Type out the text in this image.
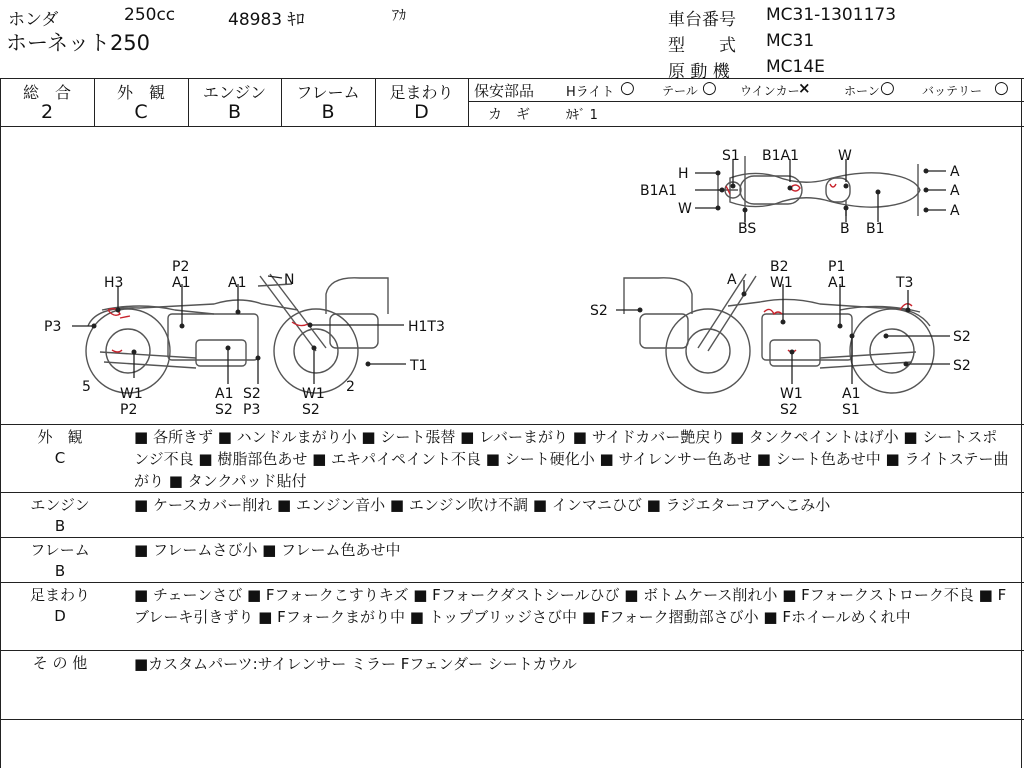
ホンダ	250cc	48983 ｷﾛ	ｱｶ
ホーネット250
車台番号 MC31-1301173
型　　式 MC31
原 動 機 MC14E
総　合
2
外　観
C
エンジン
B
フレーム
B
足まわり
D
保安部品 Hライト ○ テール ○ ウインカー
×	ホーン ○ バッテリー ○
カ　ギ	ｶｷﾞ 1
S1 B1A1	W
H
B1A1
W
BS	B B1
A
A
A
P2
A1
H3	A1	N
P3	H1T3
T1
5 W1
P2
A1 S2
S2 P3
W1
S2
2
A
B2
W1
P1
A1	T3
S2
S2
S2
W1
S2
A1
S1
外　観
C
■ 各所きず ■ ハンドルまがり小 ■ シート張替 ■ レバーまがり ■ サイドカバー艶戻り ■ タンクペイントはげ小 ■ シートスポンジ不良 ■ 樹脂部色あせ ■ エキパイペイント不良 ■ シート硬化小 ■ サイレンサー色あせ ■ シート色あせ中 ■ ライトステー曲がり ■ タンクパッド貼付
エンジン
B
■ ケースカバー削れ ■ エンジン音小 ■ エンジン吹け不調 ■ インマニひび ■ ラジエターコアへこみ小
フレーム
B
■ フレームさび小 ■ フレーム色あせ中
足まわり
D
■ チェーンさび ■ Fフォークこすりキズ ■ Fフォークダストシールひび ■ ボトムケース削れ小 ■ Fフォークストローク不良 ■ Fブレーキ引きずり ■ Fフォークまがり中 ■ トップブリッジさび中 ■ Fフォーク摺動部さび小 ■ Fホイールめくれ中
そ の 他	■カスタムパーツ:サイレンサー ミラー Fフェンダー シートカウル
